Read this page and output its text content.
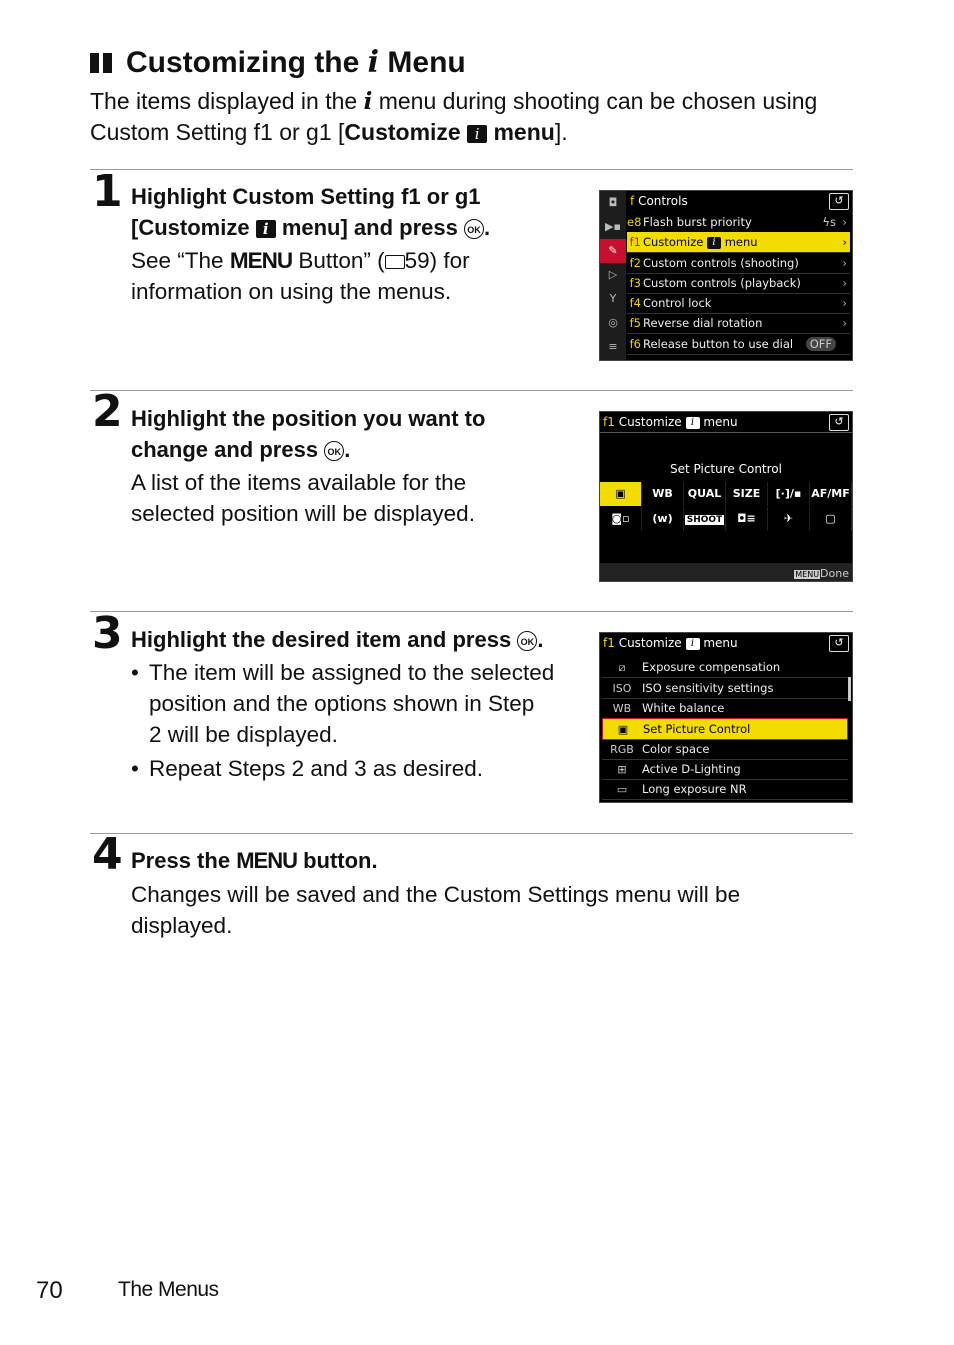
Customizing the i Menu
The items displayed in the i menu during shooting can be chosen using
Custom Setting f1 or g1 [Customize i menu].
1 Highlight Custom Setting f1 or g1
[Customize i menu] and press OK .
See “The MENU Button” ( 59) for
information on using the menus.
◘
▶▪
✎
▷
Y
◎
≡
f Controls	↺
e8 Flash burst priority	ϟs ›
f1 Customize i menu	›
f2 Custom controls (shooting)	›
f3 Custom controls (playback)	›
f4 Control lock	›
f5 Reverse dial rotation	›
f6 Release button to use dial	OFF
2 Highlight the position you want to
change and press OK .
A list of the items available for the
selected position will be displayed.
f1 Customize i menu	↺
Set Picture Control
▣	WB	QUAL	SIZE	[·]/▪ AF/MF
◙▫	(ᴡ)	SHOOT	◘≡	✈	▢
MENUDone
3 Highlight the desired item and press OK .
• The item will be assigned to the selected
position and the options shown in Step
2 will be displayed.
• Repeat Steps 2 and 3 as desired.
f1 Customize i menu	↺
⧄ Exposure compensation
ISO ISO sensitivity settings
WB White balance
▣ Set Picture Control
RGB Color space
⊞ Active D-Lighting
▭ Long exposure NR
4 Press the MENU button.
Changes will be saved and the Custom Settings menu will be
displayed.
70	The Menus
